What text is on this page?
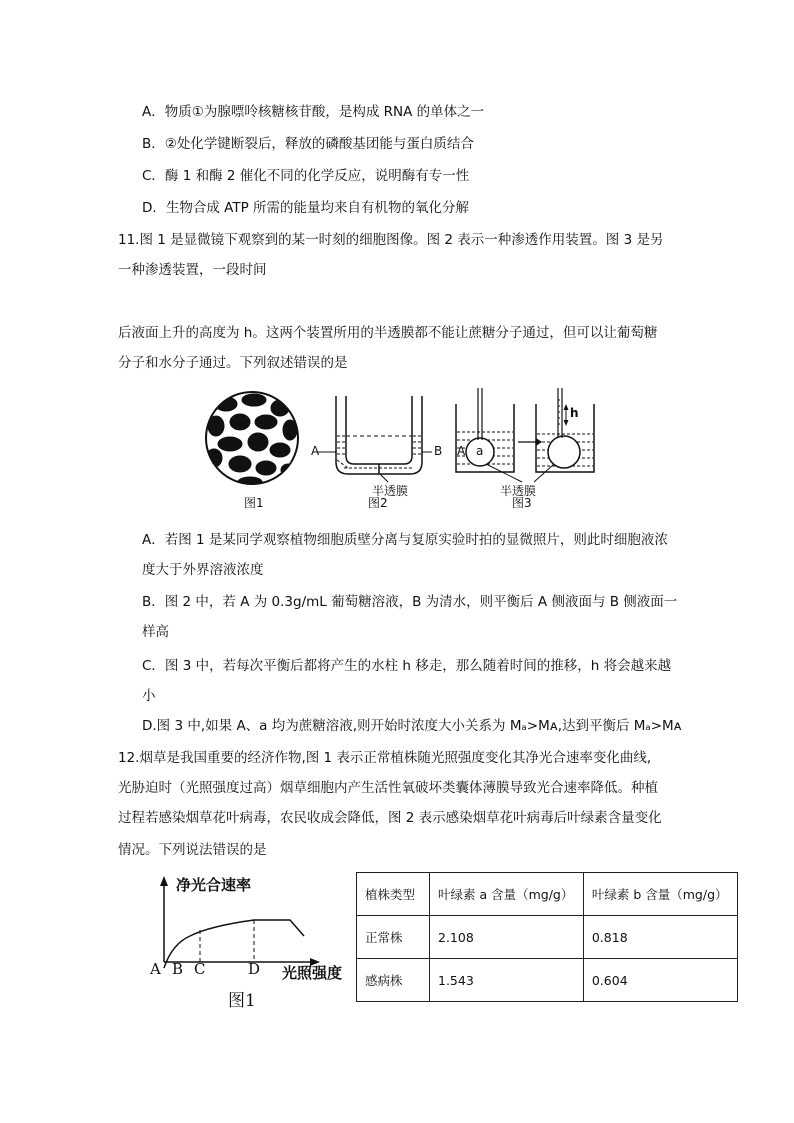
A．物质①为腺嘌呤核糖核苷酸，是构成 RNA 的单体之一
B．②处化学键断裂后，释放的磷酸基团能与蛋白质结合
C．酶 1 和酶 2 催化不同的化学反应，说明酶有专一性
D．生物合成 ATP 所需的能量均来自有机物的氧化分解
11.图 1 是显微镜下观察到的某一时刻的细胞图像。图 2 表示一种渗透作用装置。图 3 是另
一种渗透装置，一段时间
后液面上升的高度为 h。这两个装置所用的半透膜都不能让蔗糖分子通过，但可以让葡萄糖
分子和水分子通过。下列叙述错误的是
图1
A	B
半透膜
图2
A a
h
半透膜
图3
A．若图 1 是某同学观察植物细胞质壁分离与复原实验时拍的显微照片，则此时细胞液浓
度大于外界溶液浓度
B．图 2 中，若 A 为 0.3g/mL 葡萄糖溶液，B 为清水，则平衡后 A 侧液面与 B 侧液面一
样高
C．图 3 中，若每次平衡后都将产生的水柱 h 移走，那么随着时间的推移，h 将会越来越
小
D.图 3 中,如果 A、a 均为蔗糖溶液,则开始时浓度大小关系为 Mₐ>Mᴀ,达到平衡后 Mₐ>Mᴀ
12.烟草是我国重要的经济作物,图 1 表示正常植株随光照强度变化其净光合速率变化曲线,
光胁迫时（光照强度过高）烟草细胞内产生活性氧破坏类囊体薄膜导致光合速率降低。种植
过程若感染烟草花叶病毒，农民收成会降低，图 2 表示感染烟草花叶病毒后叶绿素含量变化
情况。下列说法错误的是
净光合速率
A B C	D 光照强度
图1
植株类型	叶绿素 a 含量（mg/g）	叶绿素 b 含量（mg/g）
正常株	2.108	0.818
感病株	1.543	0.604
